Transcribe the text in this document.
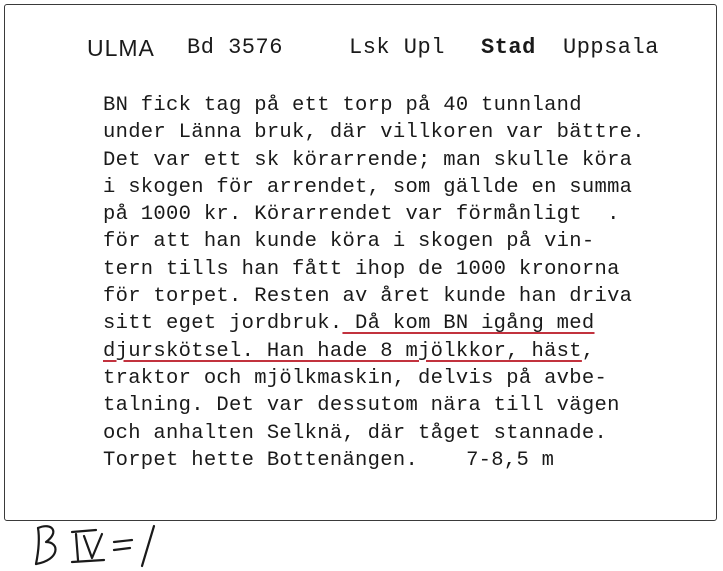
ULMA Bd 3576	Lsk Upl Stad Uppsala
BN fick tag på ett torp på 40 tunnland
under Länna bruk, där villkoren var bättre.
Det var ett sk körarrende; man skulle köra
i skogen för arrendet, som gällde en summa
på 1000 kr. Körarrendet var förmånligt  .
för att han kunde köra i skogen på vin-
tern tills han fått ihop de 1000 kronorna
för torpet. Resten av året kunde han driva
sitt eget jordbruk. Då kom BN igång med
djurskötsel. Han hade 8 mjölkkor, häst,
traktor och mjölkmaskin, delvis på avbe-
talning. Det var dessutom nära till vägen
och anhalten Selknä, där tåget stannade.
Torpet hette Bottenängen. 7-8,5 m
